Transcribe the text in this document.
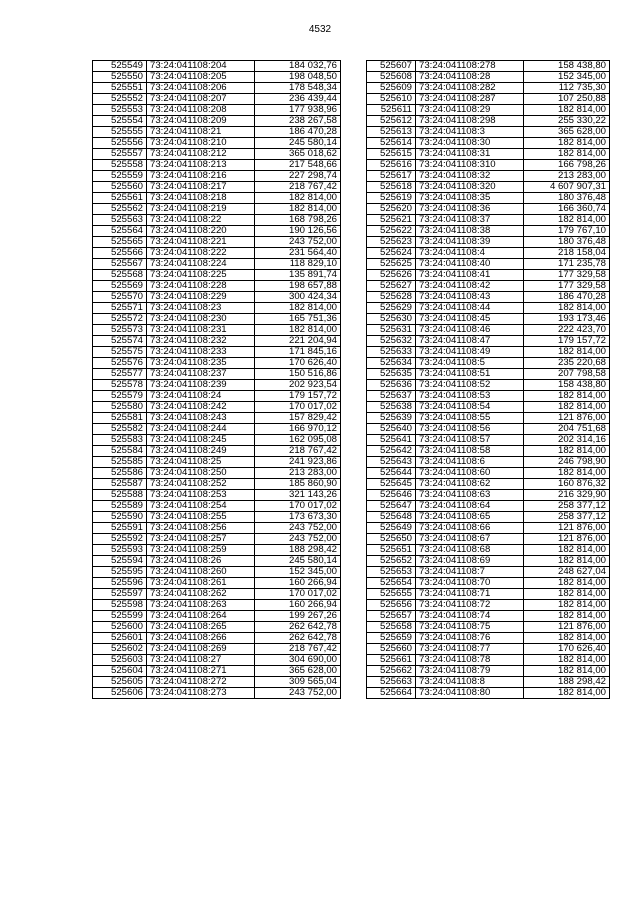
4532
525549	73:24:041108:204	184 032,76
525550	73:24:041108:205	198 048,50
525551	73:24:041108:206	178 548,34
525552	73:24:041108:207	236 439,44
525553	73:24:041108:208	177 938,96
525554	73:24:041108:209	238 267,58
525555	73:24:041108:21	186 470,28
525556	73:24:041108:210	245 580,14
525557	73:24:041108:212	365 018,62
525558	73:24:041108:213	217 548,66
525559	73:24:041108:216	227 298,74
525560	73:24:041108:217	218 767,42
525561	73:24:041108:218	182 814,00
525562	73:24:041108:219	182 814,00
525563	73:24:041108:22	168 798,26
525564	73:24:041108:220	190 126,56
525565	73:24:041108:221	243 752,00
525566	73:24:041108:222	231 564,40
525567	73:24:041108:224	118 829,10
525568	73:24:041108:225	135 891,74
525569	73:24:041108:228	198 657,88
525570	73:24:041108:229	300 424,34
525571	73:24:041108:23	182 814,00
525572	73:24:041108:230	165 751,36
525573	73:24:041108:231	182 814,00
525574	73:24:041108:232	221 204,94
525575	73:24:041108:233	171 845,16
525576	73:24:041108:235	170 626,40
525577	73:24:041108:237	150 516,86
525578	73:24:041108:239	202 923,54
525579	73:24:041108:24	179 157,72
525580	73:24:041108:242	170 017,02
525581	73:24:041108:243	157 829,42
525582	73:24:041108:244	166 970,12
525583	73:24:041108:245	162 095,08
525584	73:24:041108:249	218 767,42
525585	73:24:041108:25	241 923,86
525586	73:24:041108:250	213 283,00
525587	73:24:041108:252	185 860,90
525588	73:24:041108:253	321 143,26
525589	73:24:041108:254	170 017,02
525590	73:24:041108:255	173 673,30
525591	73:24:041108:256	243 752,00
525592	73:24:041108:257	243 752,00
525593	73:24:041108:259	188 298,42
525594	73:24:041108:26	245 580,14
525595	73:24:041108:260	152 345,00
525596	73:24:041108:261	160 266,94
525597	73:24:041108:262	170 017,02
525598	73:24:041108:263	160 266,94
525599	73:24:041108:264	199 267,26
525600	73:24:041108:265	262 642,78
525601	73:24:041108:266	262 642,78
525602	73:24:041108:269	218 767,42
525603	73:24:041108:27	304 690,00
525604	73:24:041108:271	365 628,00
525605	73:24:041108:272	309 565,04
525606	73:24:041108:273	243 752,00
525607	73:24:041108:278	158 438,80
525608	73:24:041108:28	152 345,00
525609	73:24:041108:282	112 735,30
525610	73:24:041108:287	107 250,88
525611	73:24:041108:29	182 814,00
525612	73:24:041108:298	255 330,22
525613	73:24:041108:3	365 628,00
525614	73:24:041108:30	182 814,00
525615	73:24:041108:31	182 814,00
525616	73:24:041108:310	166 798,26
525617	73:24:041108:32	213 283,00
525618	73:24:041108:320	4 607 907,31
525619	73:24:041108:35	180 376,48
525620	73:24:041108:36	166 360,74
525621	73:24:041108:37	182 814,00
525622	73:24:041108:38	179 767,10
525623	73:24:041108:39	180 376,48
525624	73:24:041108:4	218 158,04
525625	73:24:041108:40	171 235,78
525626	73:24:041108:41	177 329,58
525627	73:24:041108:42	177 329,58
525628	73:24:041108:43	186 470,28
525629	73:24:041108:44	182 814,00
525630	73:24:041108:45	193 173,46
525631	73:24:041108:46	222 423,70
525632	73:24:041108:47	179 157,72
525633	73:24:041108:49	182 814,00
525634	73:24:041108:5	235 220,68
525635	73:24:041108:51	207 798,58
525636	73:24:041108:52	158 438,80
525637	73:24:041108:53	182 814,00
525638	73:24:041108:54	182 814,00
525639	73:24:041108:55	121 876,00
525640	73:24:041108:56	204 751,68
525641	73:24:041108:57	202 314,16
525642	73:24:041108:58	182 814,00
525643	73:24:041108:6	246 798,90
525644	73:24:041108:60	182 814,00
525645	73:24:041108:62	160 876,32
525646	73:24:041108:63	216 329,90
525647	73:24:041108:64	258 377,12
525648	73:24:041108:65	258 377,12
525649	73:24:041108:66	121 876,00
525650	73:24:041108:67	121 876,00
525651	73:24:041108:68	182 814,00
525652	73:24:041108:69	182 814,00
525653	73:24:041108:7	248 627,04
525654	73:24:041108:70	182 814,00
525655	73:24:041108:71	182 814,00
525656	73:24:041108:72	182 814,00
525657	73:24:041108:74	182 814,00
525658	73:24:041108:75	121 876,00
525659	73:24:041108:76	182 814,00
525660	73:24:041108:77	170 626,40
525661	73:24:041108:78	182 814,00
525662	73:24:041108:79	182 814,00
525663	73:24:041108:8	188 298,42
525664	73:24:041108:80	182 814,00
